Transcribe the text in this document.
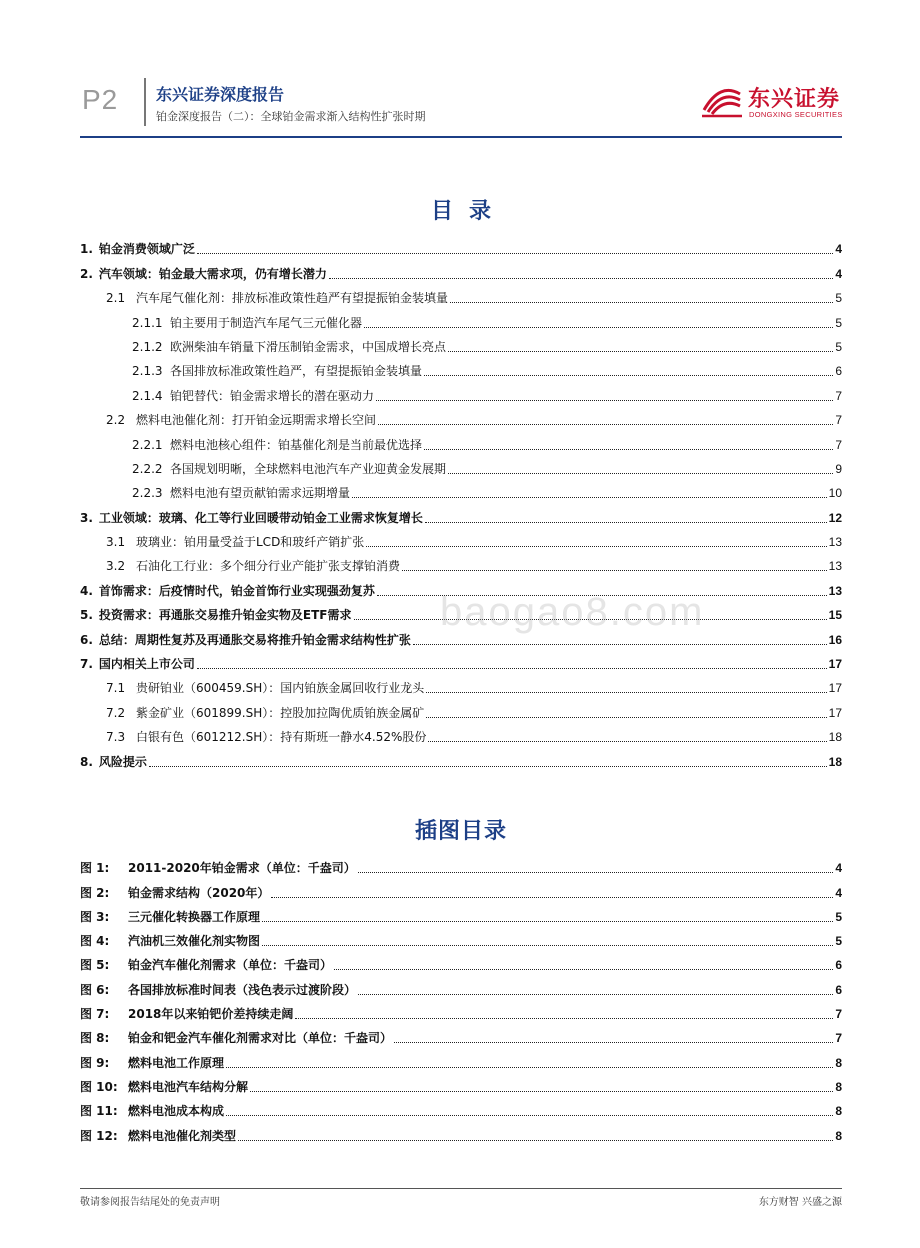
P2 东兴证券深度报告
铂金深度报告（二）：全球铂金需求渐入结构性扩张时期
东兴证券
DONGXING SECURITIES
目录
1. 铂金消费领域广泛	4
2. 汽车领域：铂金最大需求项，仍有增长潜力	4
2.1 汽车尾气催化剂：排放标准政策性趋严有望提振铂金装填量	5
2.1.1 铂主要用于制造汽车尾气三元催化器	5
2.1.2 欧洲柴油车销量下滑压制铂金需求，中国成增长亮点	5
2.1.3 各国排放标准政策性趋严，有望提振铂金装填量	6
2.1.4 铂钯替代：铂金需求增长的潜在驱动力	7
2.2 燃料电池催化剂：打开铂金远期需求增长空间	7
2.2.1 燃料电池核心组件：铂基催化剂是当前最优选择	7
2.2.2 各国规划明晰，全球燃料电池汽车产业迎黄金发展期	9
2.2.3 燃料电池有望贡献铂需求远期增量	10
3. 工业领域：玻璃、化工等行业回暖带动铂金工业需求恢复增长	12
3.1 玻璃业：铂用量受益于LCD和玻纤产销扩张	13
3.2 石油化工行业：多个细分行业产能扩张支撑铂消费	13
4. 首饰需求：后疫情时代，铂金首饰行业实现强劲复苏	13
5. 投资需求：再通胀交易推升铂金实物及ETF需求	15
6. 总结：周期性复苏及再通胀交易将推升铂金需求结构性扩张	16
7. 国内相关上市公司	17
7.1 贵研铂业（600459.SH）：国内铂族金属回收行业龙头	17
7.2 紫金矿业（601899.SH）：控股加拉陶优质铂族金属矿	17
7.3 白银有色（601212.SH）：持有斯班一静水4.52%股份	18
8. 风险提示	18
插图目录
图 1: 2011-2020年铂金需求（单位：千盎司）	4
图 2: 铂金需求结构（2020年）	4
图 3: 三元催化转换器工作原理	5
图 4: 汽油机三效催化剂实物图	5
图 5: 铂金汽车催化剂需求（单位：千盎司）	6
图 6: 各国排放标准时间表（浅色表示过渡阶段）	6
图 7: 2018年以来铂钯价差持续走阔	7
图 8: 铂金和钯金汽车催化剂需求对比（单位：千盎司）	7
图 9: 燃料电池工作原理	8
图 10: 燃料电池汽车结构分解	8
图 11: 燃料电池成本构成	8
图 12: 燃料电池催化剂类型	8
baogao8.com
敬请参阅报告结尾处的免责声明	东方财智 兴盛之源
